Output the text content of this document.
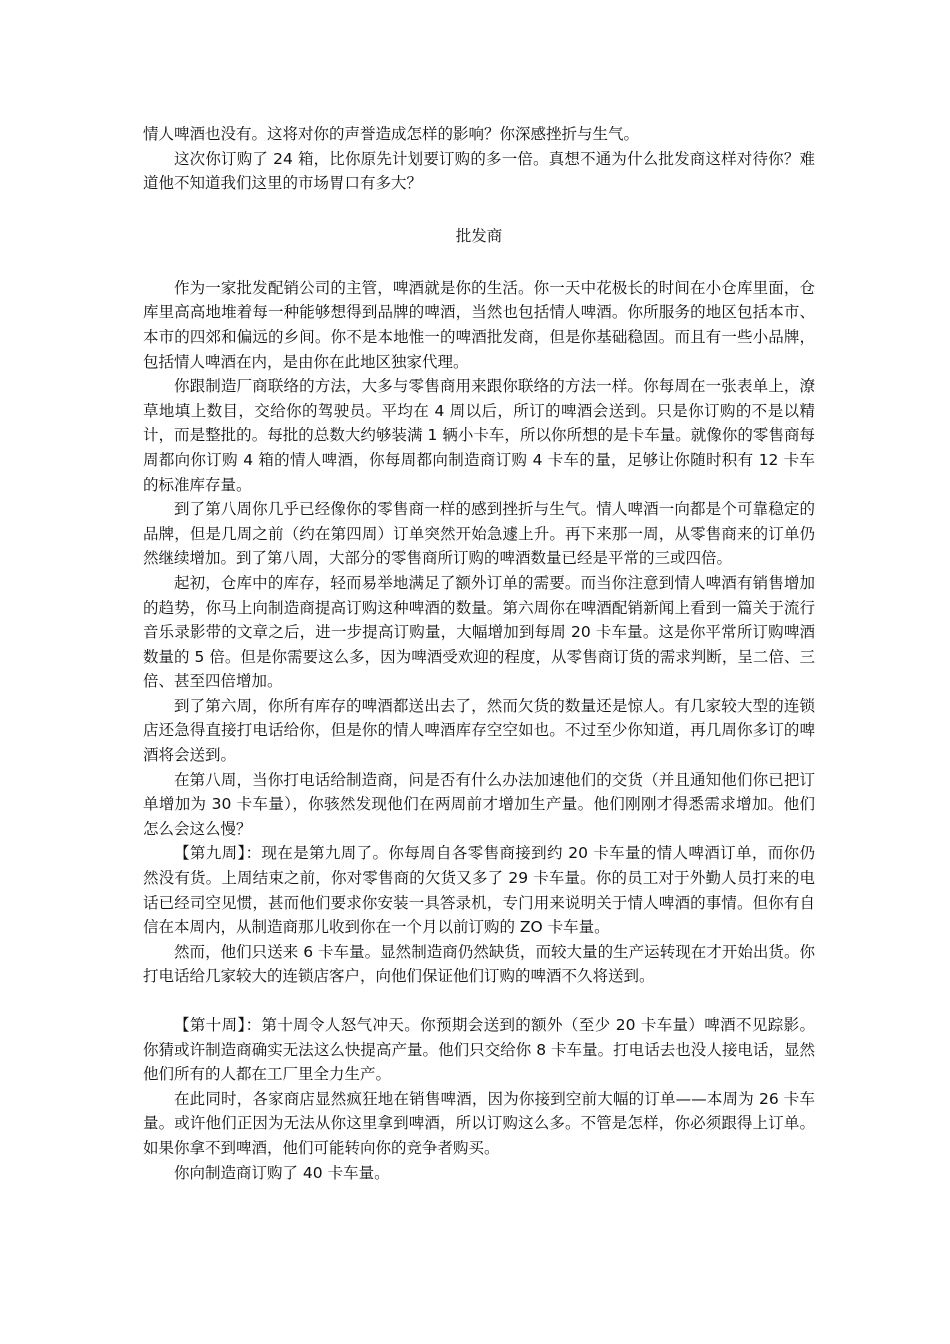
情人啤酒也没有。这将对你的声誉造成怎样的影响？你深感挫折与生气。

这次你订购了 24 箱，比你原先计划要订购的多一倍。真想不通为什么批发商这样对待你？难道他不知道我们这里的市场胃口有多大？

批发商

作为一家批发配销公司的主管，啤酒就是你的生活。你一天中花极长的时间在小仓库里面，仓库里高高地堆着每一种能够想得到品牌的啤酒，当然也包括情人啤酒。你所服务的地区包括本市、本市的四郊和偏远的乡间。你不是本地惟一的啤酒批发商，但是你基础稳固。而且有一些小品牌，包括情人啤酒在内，是由你在此地区独家代理。

你跟制造厂商联络的方法，大多与零售商用来跟你联络的方法一样。你每周在一张表单上，潦草地填上数目，交给你的驾驶员。平均在 4 周以后，所订的啤酒会送到。只是你订购的不是以精计，而是整批的。每批的总数大约够装满 1 辆小卡车，所以你所想的是卡车量。就像你的零售商每周都向你订购 4 箱的情人啤酒，你每周都向制造商订购 4 卡车的量，足够让你随时积有 12 卡车的标准库存量。

到了第八周你几乎已经像你的零售商一样的感到挫折与生气。情人啤酒一向都是个可靠稳定的品牌，但是几周之前（约在第四周）订单突然开始急遽上升。再下来那一周，从零售商来的订单仍然继续增加。到了第八周，大部分的零售商所订购的啤酒数量已经是平常的三或四倍。

起初，仓库中的库存，轻而易举地满足了额外订单的需要。而当你注意到情人啤酒有销售增加的趋势，你马上向制造商提高订购这种啤酒的数量。第六周你在啤酒配销新闻上看到一篇关于流行音乐录影带的文章之后，进一步提高订购量，大幅增加到每周 20 卡车量。这是你平常所订购啤酒数量的 5 倍。但是你需要这么多，因为啤酒受欢迎的程度，从零售商订货的需求判断，呈二倍、三倍、甚至四倍增加。

到了第六周，你所有库存的啤酒都送出去了，然而欠货的数量还是惊人。有几家较大型的连锁店还急得直接打电话给你，但是你的情人啤酒库存空空如也。不过至少你知道，再几周你多订的啤酒将会送到。

在第八周，当你打电话给制造商，问是否有什么办法加速他们的交货（并且通知他们你已把订单增加为 30 卡车量），你骇然发现他们在两周前才增加生产量。他们刚刚才得悉需求增加。他们怎么会这么慢？

【第九周】：现在是第九周了。你每周自各零售商接到约 20 卡车量的情人啤酒订单，而你仍然没有货。上周结束之前，你对零售商的欠货又多了 29 卡车量。你的员工对于外勤人员打来的电话已经司空见惯，甚而他们要求你安装一具答录机，专门用来说明关于情人啤酒的事情。但你有自信在本周内，从制造商那儿收到你在一个月以前订购的 ZO 卡车量。

然而，他们只送来 6 卡车量。显然制造商仍然缺货，而较大量的生产运转现在才开始出货。你打电话给几家较大的连锁店客户，向他们保证他们订购的啤酒不久将送到。

【第十周】：第十周令人怒气冲天。你预期会送到的额外（至少 20 卡车量）啤酒不见踪影。你猜或许制造商确实无法这么快提高产量。他们只交给你 8 卡车量。打电话去也没人接电话，显然他们所有的人都在工厂里全力生产。

在此同时，各家商店显然疯狂地在销售啤酒，因为你接到空前大幅的订单——本周为 26 卡车量。或许他们正因为无法从你这里拿到啤酒，所以订购这么多。不管是怎样，你必须跟得上订单。如果你拿不到啤酒，他们可能转向你的竞争者购买。

你向制造商订购了 40 卡车量。
